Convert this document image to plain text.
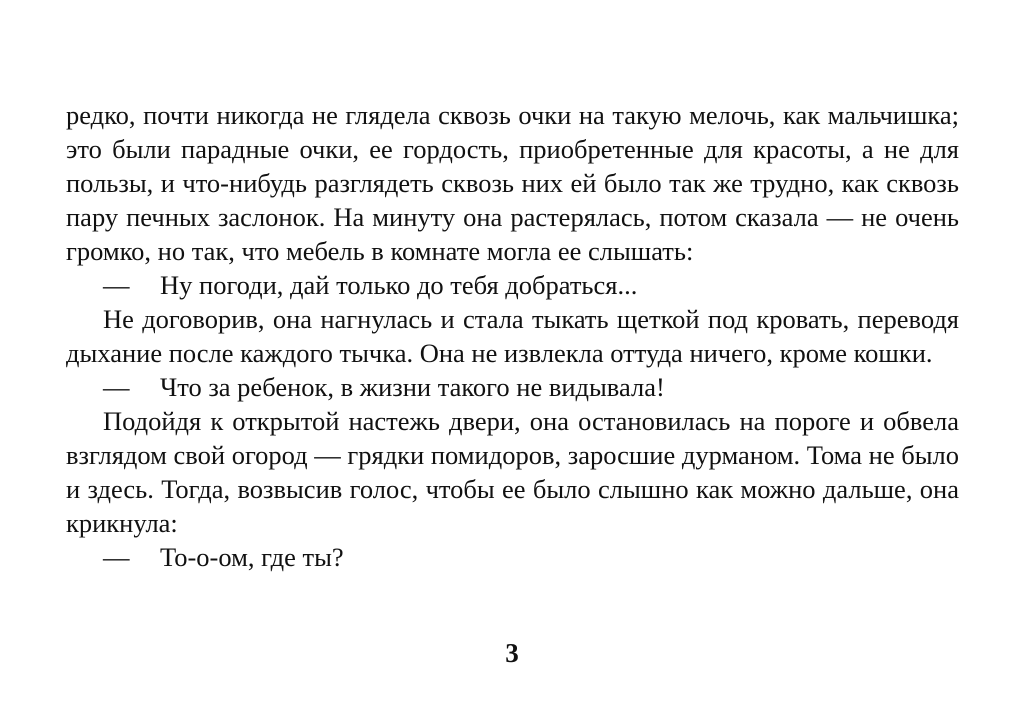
редко, почти никогда не глядела сквозь очки на такую мелочь, как мальчишка; это были парадные очки, ее гордость, приобретенные для красоты, а не для пользы, и что-нибудь разглядеть сквозь них ей было так же трудно, как сквозь пару печных заслонок. На минуту она растерялась, потом сказала — не очень громко, но так, что мебель в комнате могла ее слышать:

— Ну погоди, дай только до тебя добраться...

Не договорив, она нагнулась и стала тыкать щеткой под кровать, переводя дыхание после каждого тычка. Она не извлекла оттуда ничего, кроме кошки.

— Что за ребенок, в жизни такого не видывала!

Подойдя к открытой настежь двери, она остановилась на пороге и обвела взглядом свой огород — грядки помидоров, заросшие дурманом. Тома не было и здесь. Тогда, возвысив голос, чтобы ее было слышно как можно дальше, она крикнула:

— То-о-ом, где ты?

3
